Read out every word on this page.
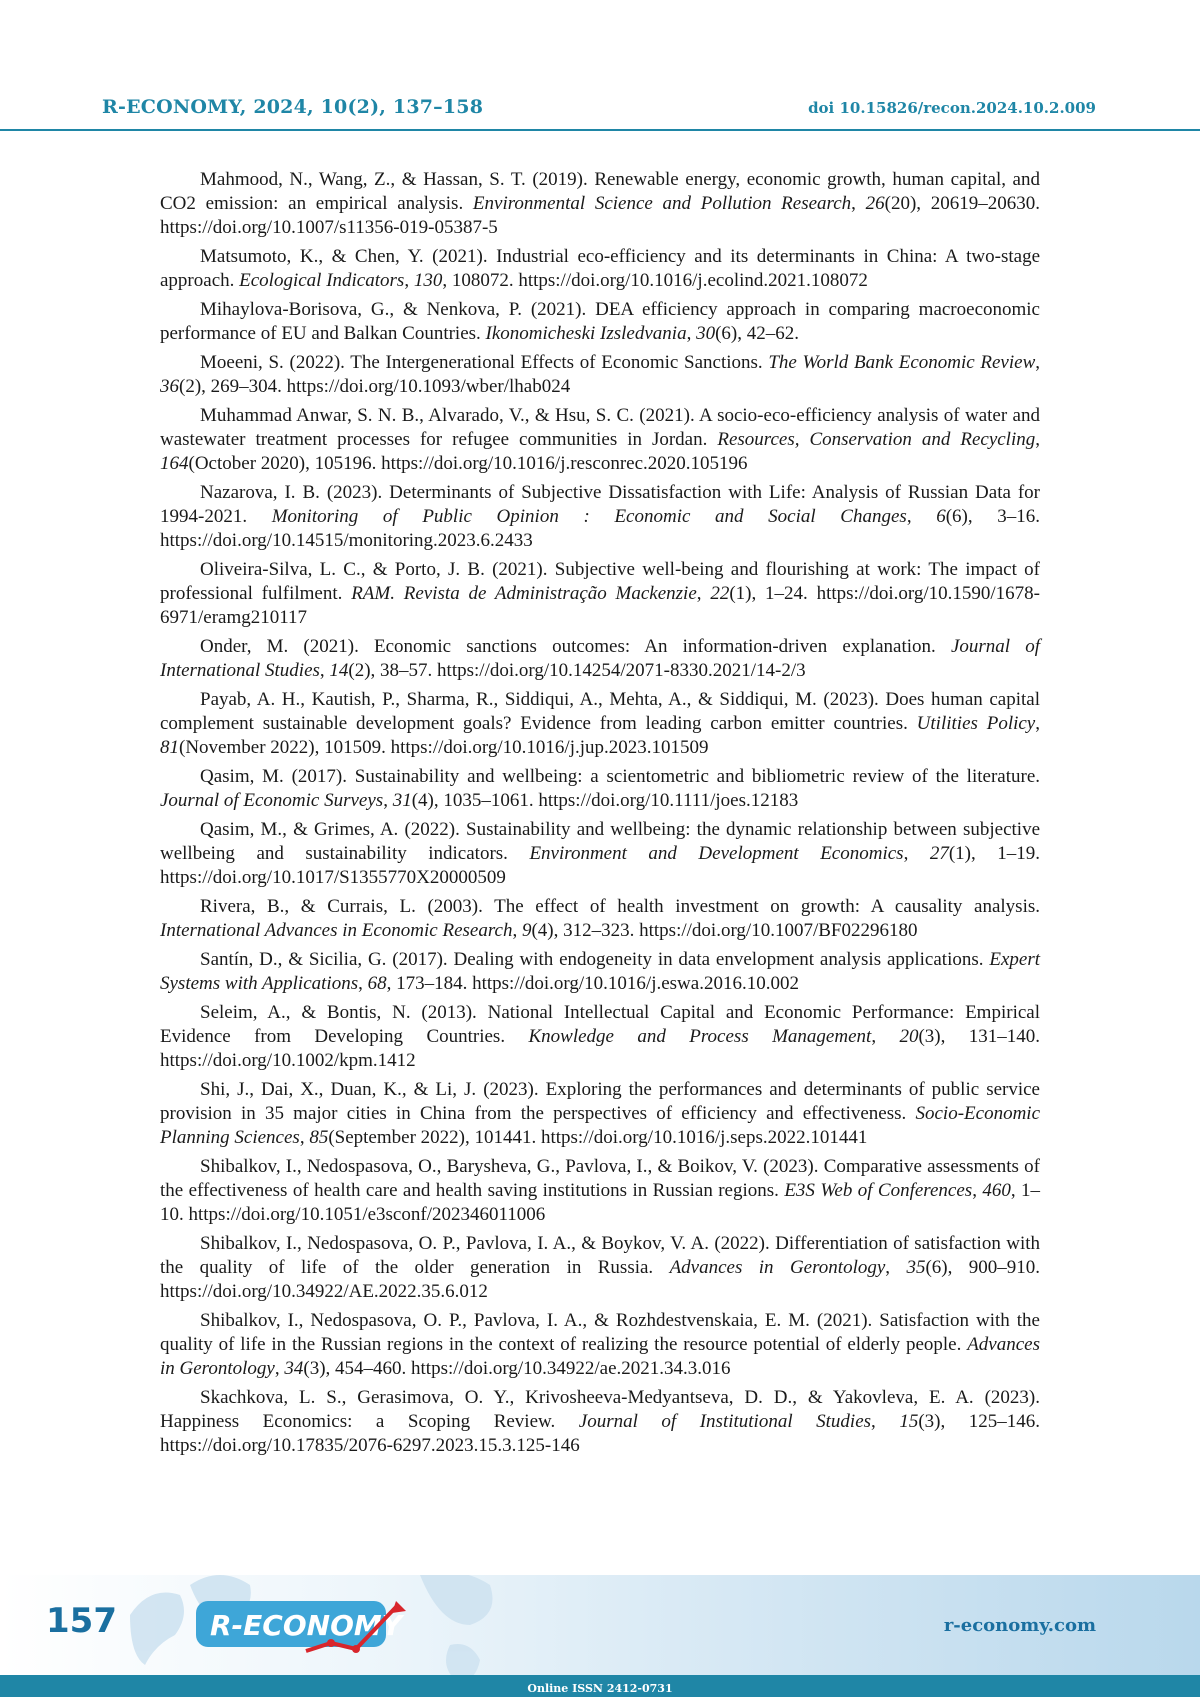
R-ECONOMY, 2024, 10(2), 137–158	doi 10.15826/recon.2024.10.2.009

Mahmood, N., Wang, Z., & Hassan, S. T. (2019). Renewable energy, economic growth, human capital, and CO2 emission: an empirical analysis. Environmental Science and Pollution Research, 26(20), 20619–20630. https://doi.org/10.1007/s11356-019-05387-5

Matsumoto, K., & Chen, Y. (2021). Industrial eco-efficiency and its determinants in China: A two-stage approach. Ecological Indicators, 130, 108072. https://doi.org/10.1016/j.ecolind.2021.108072

Mihaylova-Borisova, G., & Nenkova, P. (2021). DEA efficiency approach in comparing macroeconomic performance of EU and Balkan Countries. Ikonomicheski Izsledvania, 30(6), 42–62.

Moeeni, S. (2022). The Intergenerational Effects of Economic Sanctions. The World Bank Economic Review, 36(2), 269–304. https://doi.org/10.1093/wber/lhab024

Muhammad Anwar, S. N. B., Alvarado, V., & Hsu, S. C. (2021). A socio-eco-efficiency analysis of water and wastewater treatment processes for refugee communities in Jordan. Resources, Conservation and Recycling, 164(October 2020), 105196. https://doi.org/10.1016/j.resconrec.2020.105196

Nazarova, I. B. (2023). Determinants of Subjective Dissatisfaction with Life: Analysis of Russian Data for 1994-2021. Monitoring of Public Opinion : Economic and Social Changes, 6(6), 3–16. https://doi.org/10.14515/monitoring.2023.6.2433

Oliveira-Silva, L. C., & Porto, J. B. (2021). Subjective well-being and flourishing at work: The impact of professional fulfilment. RAM. Revista de Administração Mackenzie, 22(1), 1–24. https://doi.org/10.1590/1678-6971/eramg210117

Onder, M. (2021). Economic sanctions outcomes: An information-driven explanation. Journal of International Studies, 14(2), 38–57. https://doi.org/10.14254/2071-8330.2021/14-2/3

Payab, A. H., Kautish, P., Sharma, R., Siddiqui, A., Mehta, A., & Siddiqui, M. (2023). Does human capital complement sustainable development goals? Evidence from leading carbon emitter countries. Utilities Policy, 81(November 2022), 101509. https://doi.org/10.1016/j.jup.2023.101509

Qasim, M. (2017). Sustainability and wellbeing: a scientometric and bibliometric review of the literature. Journal of Economic Surveys, 31(4), 1035–1061. https://doi.org/10.1111/joes.12183

Qasim, M., & Grimes, A. (2022). Sustainability and wellbeing: the dynamic relationship between subjective wellbeing and sustainability indicators. Environment and Development Economics, 27(1), 1–19. https://doi.org/10.1017/S1355770X20000509

Rivera, B., & Currais, L. (2003). The effect of health investment on growth: A causality analysis. International Advances in Economic Research, 9(4), 312–323. https://doi.org/10.1007/BF02296180

Santín, D., & Sicilia, G. (2017). Dealing with endogeneity in data envelopment analysis applications. Expert Systems with Applications, 68, 173–184. https://doi.org/10.1016/j.eswa.2016.10.002

Seleim, A., & Bontis, N. (2013). National Intellectual Capital and Economic Performance: Empirical Evidence from Developing Countries. Knowledge and Process Management, 20(3), 131–140. https://doi.org/10.1002/kpm.1412

Shi, J., Dai, X., Duan, K., & Li, J. (2023). Exploring the performances and determinants of public service provision in 35 major cities in China from the perspectives of efficiency and effectiveness. Socio-Economic Planning Sciences, 85(September 2022), 101441. https://doi.org/10.1016/j.seps.2022.101441

Shibalkov, I., Nedospasova, O., Barysheva, G., Pavlova, I., & Boikov, V. (2023). Comparative assessments of the effectiveness of health care and health saving institutions in Russian regions. E3S Web of Conferences, 460, 1–10. https://doi.org/10.1051/e3sconf/202346011006

Shibalkov, I., Nedospasova, O. P., Pavlova, I. A., & Boykov, V. A. (2022). Differentiation of satisfaction with the quality of life of the older generation in Russia. Advances in Gerontology, 35(6), 900–910. https://doi.org/10.34922/AE.2022.35.6.012

Shibalkov, I., Nedospasova, O. P., Pavlova, I. A., & Rozhdestvenskaia, E. M. (2021). Satisfaction with the quality of life in the Russian regions in the context of realizing the resource potential of elderly people. Advances in Gerontology, 34(3), 454–460. https://doi.org/10.34922/ae.2021.34.3.016

Skachkova, L. S., Gerasimova, O. Y., Krivosheeva-Medyantseva, D. D., & Yakovleva, E. A. (2023). Happiness Economics: a Scoping Review. Journal of Institutional Studies, 15(3), 125–146. https://doi.org/10.17835/2076-6297.2023.15.3.125-146

157	R-ECONOMY	r-economy.com
Online ISSN 2412-0731
